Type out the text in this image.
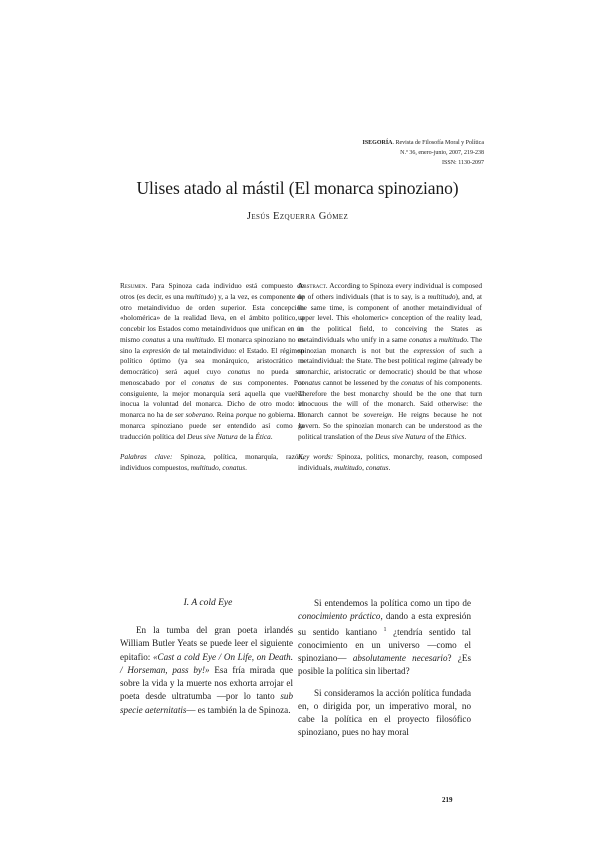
ISEGORÍA. Revista de Filosofía Moral y Política
N.º 36, enero-junio, 2007, 219-238
ISSN: 1130-2097
Ulises atado al mástil (El monarca spinoziano)
Jesús Ezquerra Gómez

Resumen. Para Spinoza cada individuo está compuesto de otros (es decir, es una multitudo) y, a la vez, es componente de otro metaindividuo de orden superior. Esta concepción «holomérica» de la realidad lleva, en el ámbito político, a concebir los Estados como metaindividuos que unifican en un mismo conatus a una multitudo. El monarca spinoziano no es sino la expresión de tal metaindividuo: el Estado. El régimen político óptimo (ya sea monárquico, aristocrático o democrático) será aquel cuyo conatus no pueda ser menoscabado por el conatus de sus componentes. Por consiguiente, la mejor monarquía será aquella que vuelva inocua la voluntad del monarca. Dicho de otro modo: el monarca no ha de ser soberano. Reina porque no gobierna. El monarca spinoziano puede ser entendido así como la traducción política del Deus sive Natura de la Ética.

Palabras clave: Spinoza, política, monarquía, razón, individuos compuestos, multitudo, conatus.

Abstract. According to Spinoza every individual is composed up of others individuals (that is to say, is a multitudo), and, at the same time, is component of another metaindividual of upper level. This «holomeric» conception of the reality lead, in the political field, to conceiving the States as metaindividuals who unify in a same conatus a multitudo. The spinozian monarch is not but the expression of such a metaindividual: the State. The best political regime (already be monarchic, aristocratic or democratic) should be that whose conatus cannot be lessened by the conatus of his components. Therefore the best monarchy should be the one that turn innocuous the will of the monarch. Said otherwise: the monarch cannot be sovereign. He reigns because he not govern. So the spinozian monarch can be understood as the political translation of the Deus sive Natura of the Ethics.

Key words: Spinoza, politics, monarchy, reason, composed individuals, multitudo, conatus.

I. A cold Eye

En la tumba del gran poeta irlandés William Butler Yeats se puede leer el siguiente epitafio: «Cast a cold Eye / On Life, on Death. / Horseman, pass by!» Esa fría mirada que sobre la vida y la muerte nos exhorta arrojar el poeta desde ultratumba —por lo tanto sub specie aeternitatis— es también la de Spinoza.

Si entendemos la política como un tipo de conocimiento práctico, dando a esta expresión su sentido kantiano $^1$ ¿tendría sentido tal conocimiento en un universo —como el spinoziano— absolutamente necesario? ¿Es posible la política sin libertad?

Si consideramos la acción política fundada en, o dirigida por, un imperativo moral, no cabe la política en el proyecto filosófico spinoziano, pues no hay moral

219
